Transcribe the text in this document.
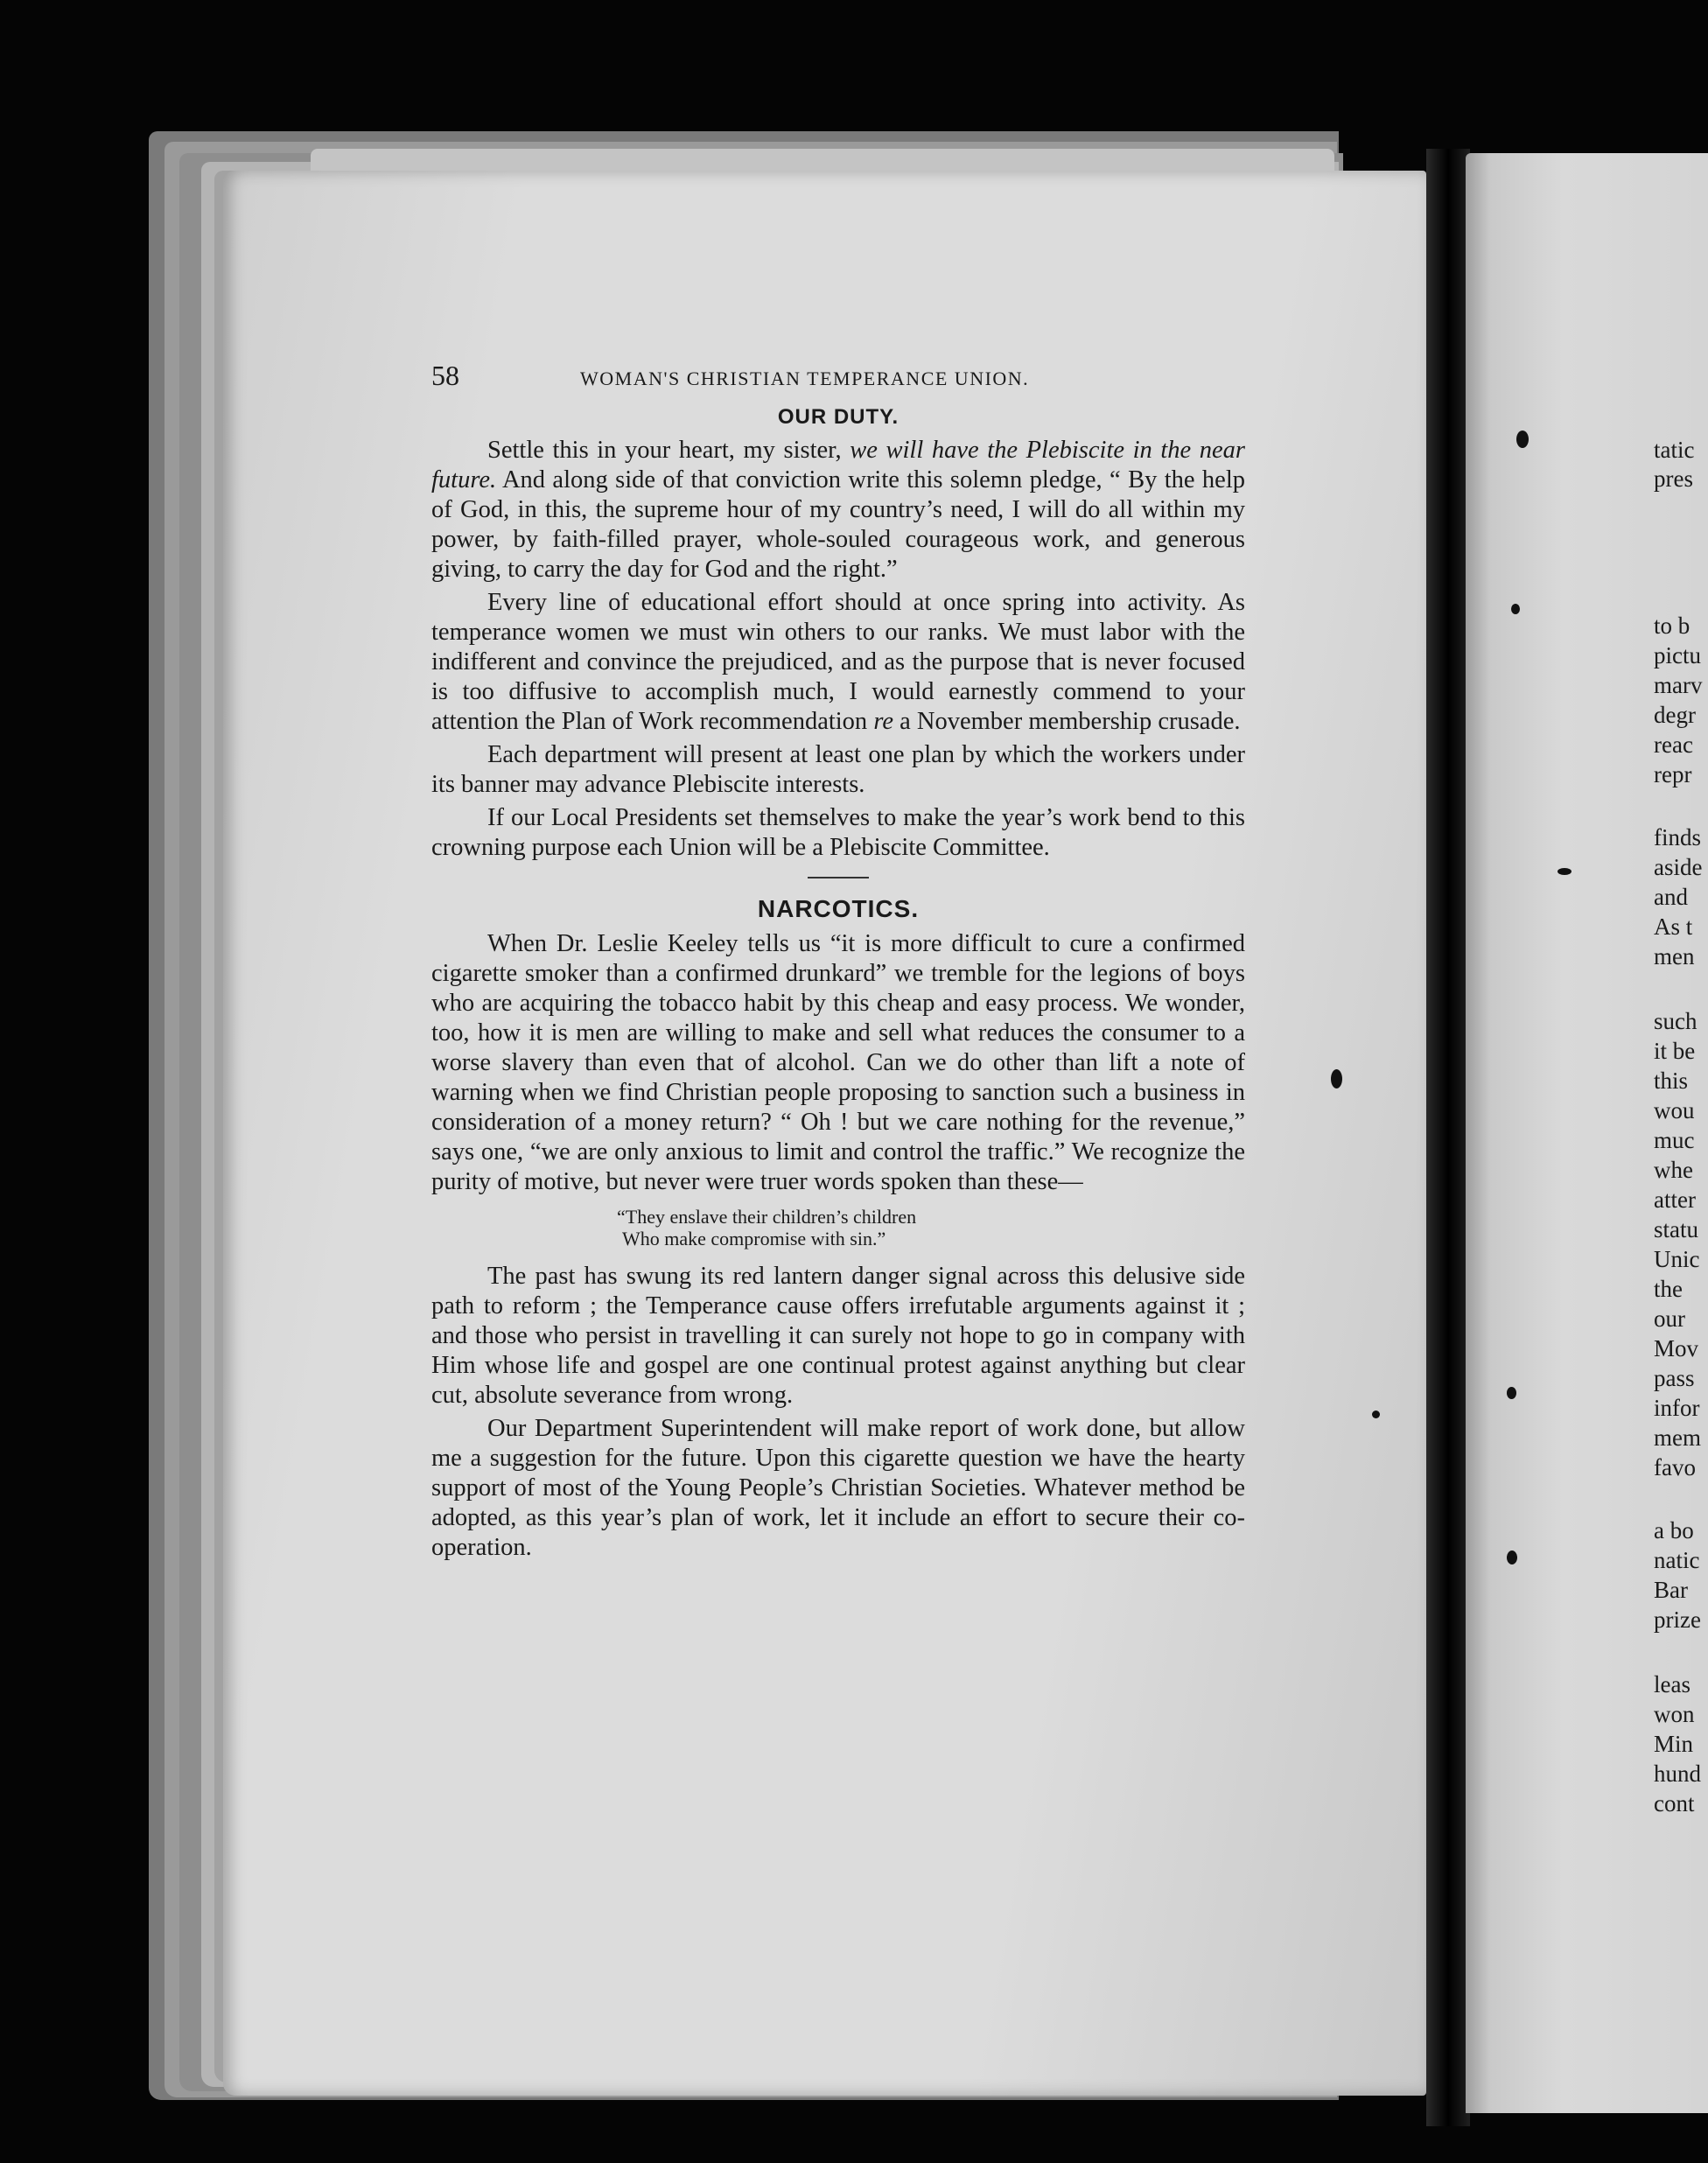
58	WOMAN'S CHRISTIAN TEMPERANCE UNION.
OUR DUTY.

Settle this in your heart, my sister, we will have the Plebiscite in the near future. And along side of that conviction write this solemn pledge, “ By the help of God, in this, the supreme hour of my country’s need, I will do all within my power, by faith-filled prayer, whole-souled courageous work, and generous giving, to carry the day for God and the right.”

Every line of educational effort should at once spring into activity. As temperance women we must win others to our ranks. We must labor with the indifferent and convince the prejudiced, and as the purpose that is never focused is too diffusive to accomplish much, I would earnestly commend to your attention the Plan of Work recommendation re a November membership crusade.

Each department will present at least one plan by which the workers under its banner may advance Plebiscite interests.

If our Local Presidents set themselves to make the year’s work bend to this crowning purpose each Union will be a Plebiscite Committee.

NARCOTICS.

When Dr. Leslie Keeley tells us “it is more difficult to cure a confirmed cigarette smoker than a confirmed drunkard” we tremble for the legions of boys who are acquiring the tobacco habit by this cheap and easy process. We wonder, too, how it is men are willing to make and sell what reduces the consumer to a worse slavery than even that of alcohol. Can we do other than lift a note of warning when we find Christian people proposing to sanction such a business in consideration of a money return? “ Oh ! but we care nothing for the revenue,” says one, “we are only anxious to limit and control the traffic.” We recognize the purity of motive, but never were truer words spoken than these—

“They enslave their children’s children
Who make compromise with sin.”

The past has swung its red lantern danger signal across this delusive side path to reform ; the Temperance cause offers irrefutable arguments against it ; and those who persist in travelling it can surely not hope to go in company with Him whose life and gospel are one continual protest against anything but clear cut, absolute severance from wrong.

Our Department Superintendent will make report of work done, but allow me a suggestion for the future. Upon this cigarette question we have the hearty support of most of the Young People’s Christian Societies. Whatever method be adopted, as this year’s plan of work, let it include an effort to secure their co-operation.

tatic
pres
to b
pictu
marv
degr
reac
repr
finds
aside
and
As t
men
such
it be
this
wou
muc
whe
atter
statu
Unic
the
our
Mov
pass
infor
mem
favo
a bo
natic
Bar
prize
leas
won
Min
hund
cont
